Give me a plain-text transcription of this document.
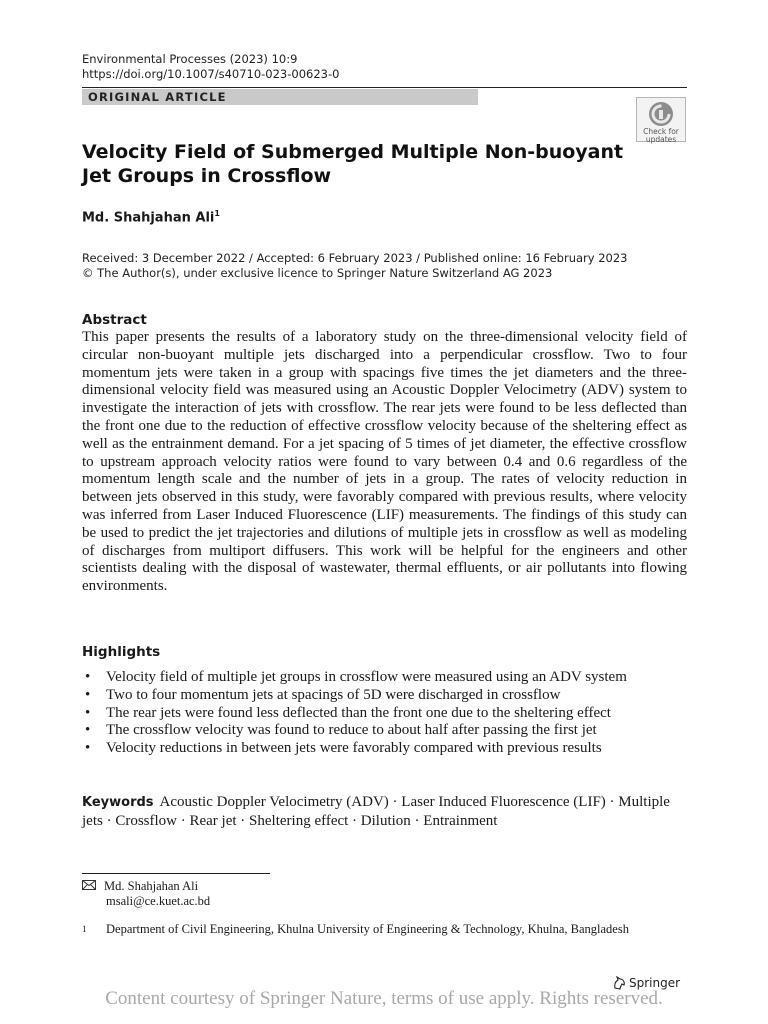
Environmental Processes (2023) 10:9
https://doi.org/10.1007/s40710-023-00623-0
ORIGINAL ARTICLE
Check for
updates
Velocity Field of Submerged Multiple Non-buoyant Jet Groups in Crossflow
Md. Shahjahan Ali$^1$
Received: 3 December 2022 / Accepted: 6 February 2023 / Published online: 16 February 2023
© The Author(s), under exclusive licence to Springer Nature Switzerland AG 2023
Abstract

This paper presents the results of a laboratory study on the three-dimensional velocity field of circular non-buoyant multiple jets discharged into a perpendicular crossflow. Two to four momentum jets were taken in a group with spacings five times the jet diameters and the three-dimensional velocity field was measured using an Acoustic Doppler Velocimetry (ADV) system to investigate the interaction of jets with crossflow. The rear jets were found to be less deflected than the front one due to the reduction of effective crossflow velocity because of the sheltering effect as well as the entrainment demand. For a jet spacing of 5 times of jet diameter, the effective crossflow to upstream approach velocity ratios were found to vary between 0.4 and 0.6 regardless of the momentum length scale and the number of jets in a group. The rates of velocity reduction in between jets observed in this study, were favorably compared with previous results, where velocity was inferred from Laser Induced Fluorescence (LIF) measurements. The findings of this study can be used to predict the jet trajectories and dilutions of multiple jets in crossflow as well as modeling of discharges from multiport diffusers. This work will be helpful for the engineers and other scientists dealing with the disposal of wastewater, thermal effluents, or air pollutants into flowing environments.

Highlights
• Velocity field of multiple jet groups in crossflow were measured using an ADV system
• Two to four momentum jets at spacings of 5D were discharged in crossflow
• The rear jets were found less deflected than the front one due to the sheltering effect
• The crossflow velocity was found to reduce to about half after passing the first jet
• Velocity reductions in between jets were favorably compared with previous results
Keywords Acoustic Doppler Velocimetry (ADV) · Laser Induced Fluorescence (LIF) · Multiple jets · Crossflow · Rear jet · Sheltering effect · Dilution · Entrainment
Md. Shahjahan Ali
msali@ce.kuet.ac.bd
1 Department of Civil Engineering, Khulna University of Engineering & Technology, Khulna, Bangladesh
Springer
Content courtesy of Springer Nature, terms of use apply. Rights reserved.
